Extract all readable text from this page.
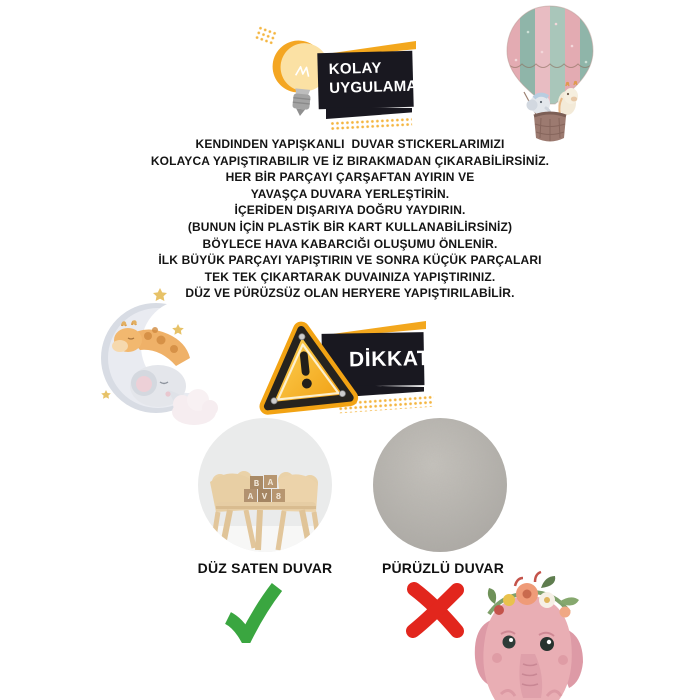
KOLAY
UYGULAMA
KENDINDEN YAPIŞKANLI  DUVAR STICKERLARIMIZI
KOLAYCA YAPIŞTIRABILIR VE İZ BIRAKMADAN ÇIKARABİLİRSİNİZ.
HER BİR PARÇAYI ÇARŞAFTAN AYIRIN VE
YAVAŞÇA DUVARA YERLEŞTİRİN.
İÇERİDEN DIŞARIYA DOĞRU YAYDIRIN.
(BUNUN İÇİN PLASTİK BİR KART KULLANABİLİRSİNİZ)
BÖYLECE HAVA KABARCIĞI OLUŞUMU ÖNLENİR.
İLK BÜYÜK PARÇAYI YAPIŞTIRIN VE SONRA KÜÇÜK PARÇALARI
TEK TEK ÇIKARTARAK DUVAINIZA YAPIŞTIRINIZ.
DÜZ VE PÜRÜZSÜZ OLAN HERYERE YAPIŞTIRILABİLİR.
DİKKAT
B A
A V 8
DÜZ SATEN DUVAR	PÜRÜZLÜ DUVAR
